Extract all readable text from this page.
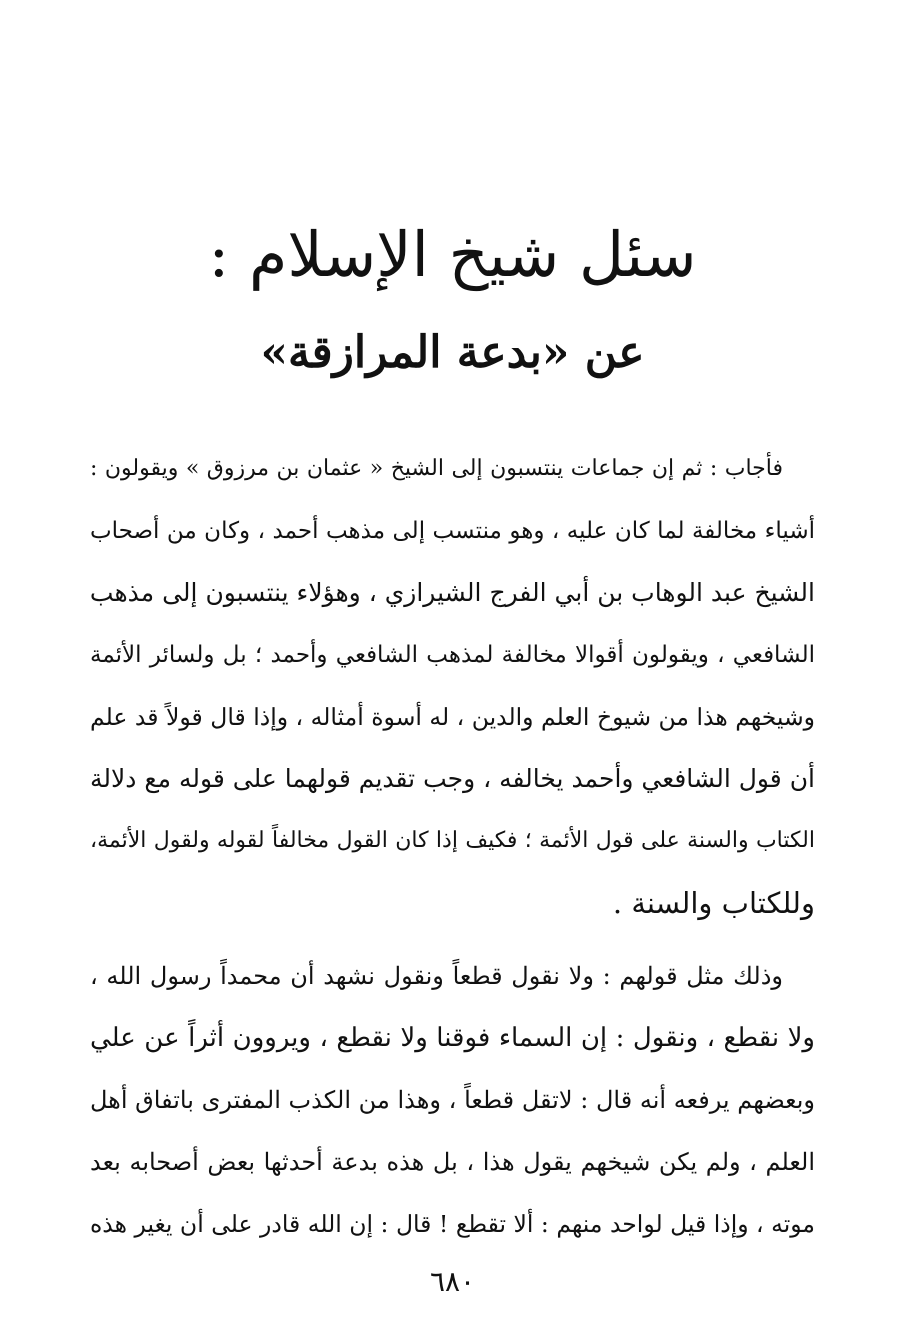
سئل شيخ الإسلام :
عن «بدعة المرازقة»
فأجاب : ثم إن جماعات ينتسبون إلى الشيخ « عثمان بن مرزوق » ويقولون :
أشياء مخالفة لما كان عليه ، وهو منتسب إلى مذهب أحمد ، وكان من أصحاب
الشيخ عبد الوهاب بن أبي الفرج الشيرازي ، وهؤلاء ينتسبون إلى مذهب
الشافعي ، ويقولون أقوالا مخالفة لمذهب الشافعي وأحمد ؛ بل ولسائر الأئمة
وشيخهم هذا من شيوخ العلم والدين ، له أسوة أمثاله ، وإذا قال قولاً قد علم
أن قول الشافعي وأحمد يخالفه ، وجب تقديم قولهما على قوله مع دلالة
الكتاب والسنة على قول الأئمة ؛ فكيف إذا كان القول مخالفاً لقوله ولقول الأئمة،
وللكتاب والسنة .
وذلك مثل قولهم : ولا نقول قطعاً ونقول نشهد أن محمداً رسول الله ،
ولا نقطع ، ونقول : إن السماء فوقنا ولا نقطع ، ويروون أثراً عن علي
وبعضهم يرفعه أنه قال : لاتقل قطعاً ، وهذا من الكذب المفترى باتفاق أهل
العلم ، ولم يكن شيخهم يقول هذا ، بل هذه بدعة أحدثها بعض أصحابه بعد
موته ، وإذا قيل لواحد منهم : ألا تقطع ! قال : إن الله قادر على أن يغير هذه
٦٨٠
